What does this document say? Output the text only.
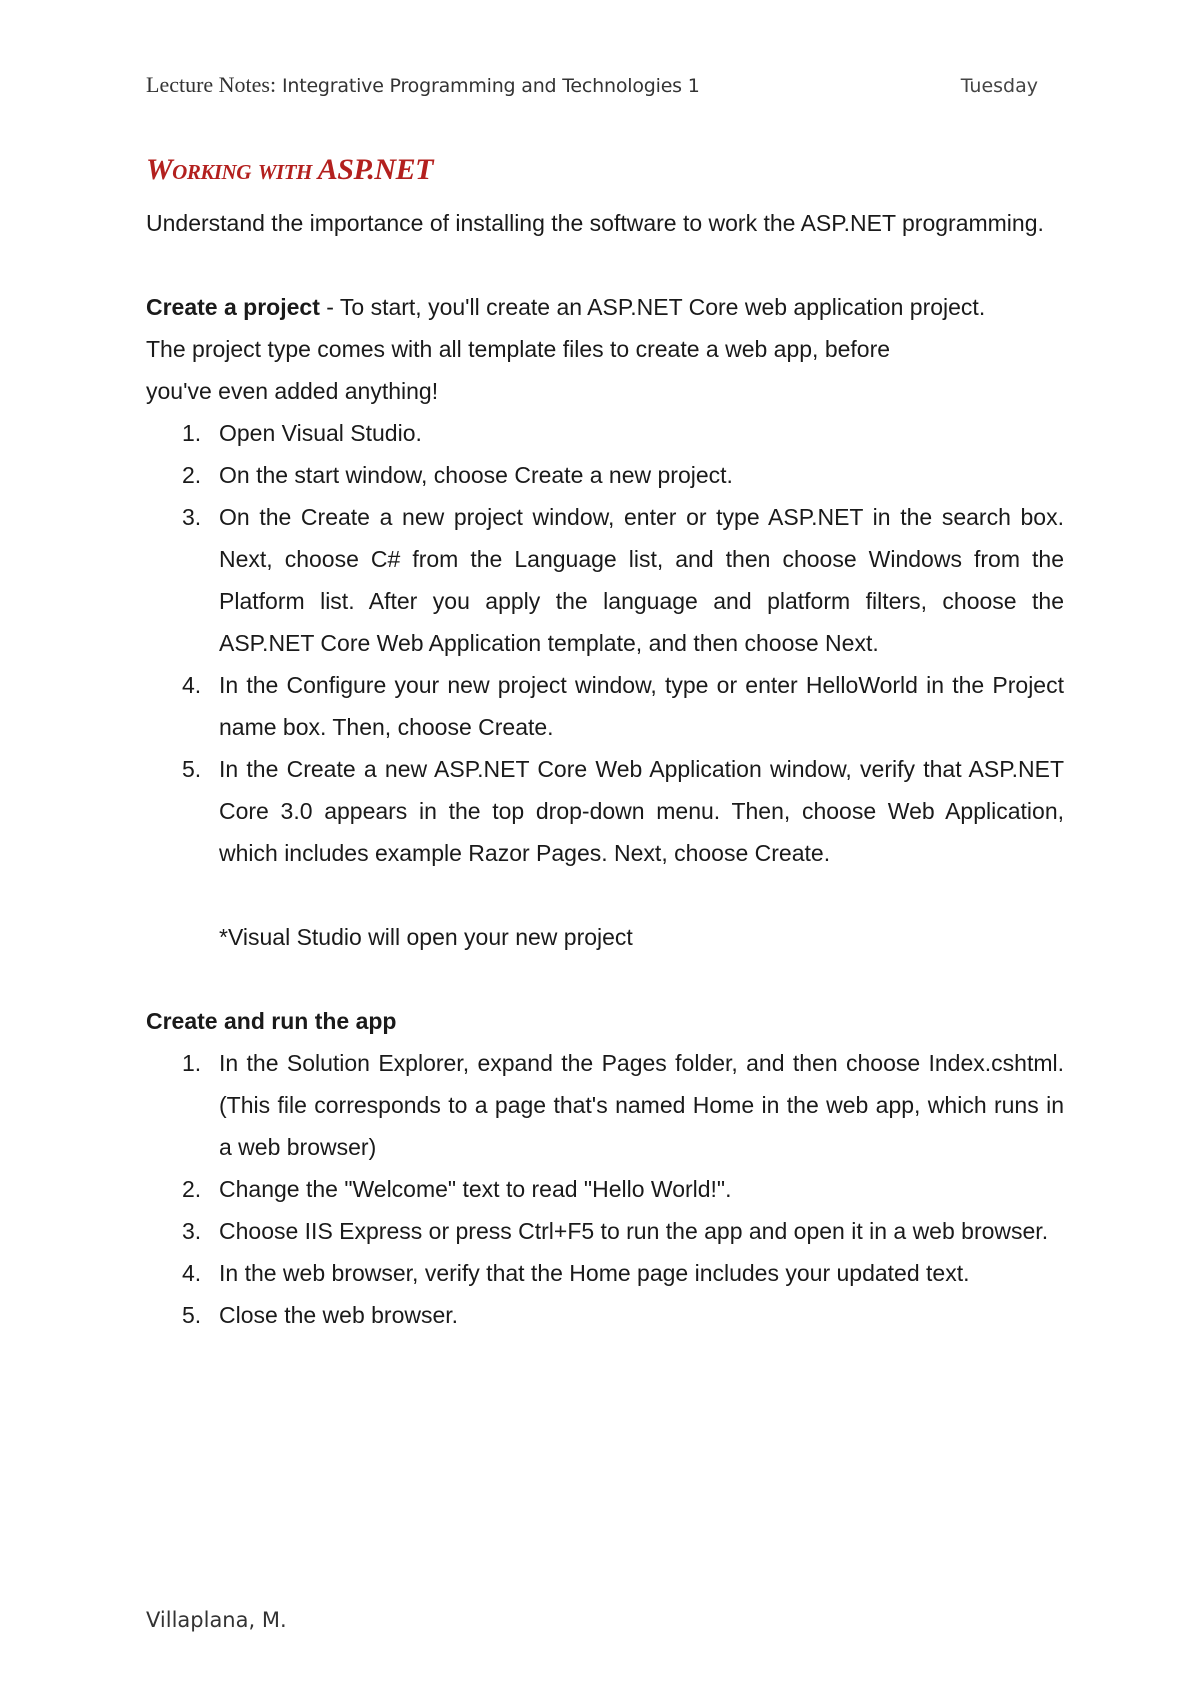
Lecture Notes: Integrative Programming and Technologies 1	Tuesday
Working with ASP.NET

Understand the importance of installing the software to work the ASP.NET programming.

Create a project - To start, you'll create an ASP.NET Core web application project.
The project type comes with all template files to create a web app, before
you've even added anything!

1. Open Visual Studio.
2. On the start window, choose Create a new project.
3. On the Create a new project window, enter or type ASP.NET in the search box. Next, choose C# from the Language list, and then choose Windows from the Platform list. After you apply the language and platform filters, choose the ASP.NET Core Web Application template, and then choose Next.
4. In the Configure your new project window, type or enter HelloWorld in the Project name box. Then, choose Create.
5. In the Create a new ASP.NET Core Web Application window, verify that ASP.NET Core 3.0 appears in the top drop-down menu. Then, choose Web Application, which includes example Razor Pages. Next, choose Create.

*Visual Studio will open your new project

Create and run the app

1. In the Solution Explorer, expand the Pages folder, and then choose Index.cshtml. (This file corresponds to a page that's named Home in the web app, which runs in a web browser)
2. Change the "Welcome" text to read "Hello World!".
3. Choose IIS Express or press Ctrl+F5 to run the app and open it in a web browser.
4. In the web browser, verify that the Home page includes your updated text.
5. Close the web browser.
Villaplana, M.
